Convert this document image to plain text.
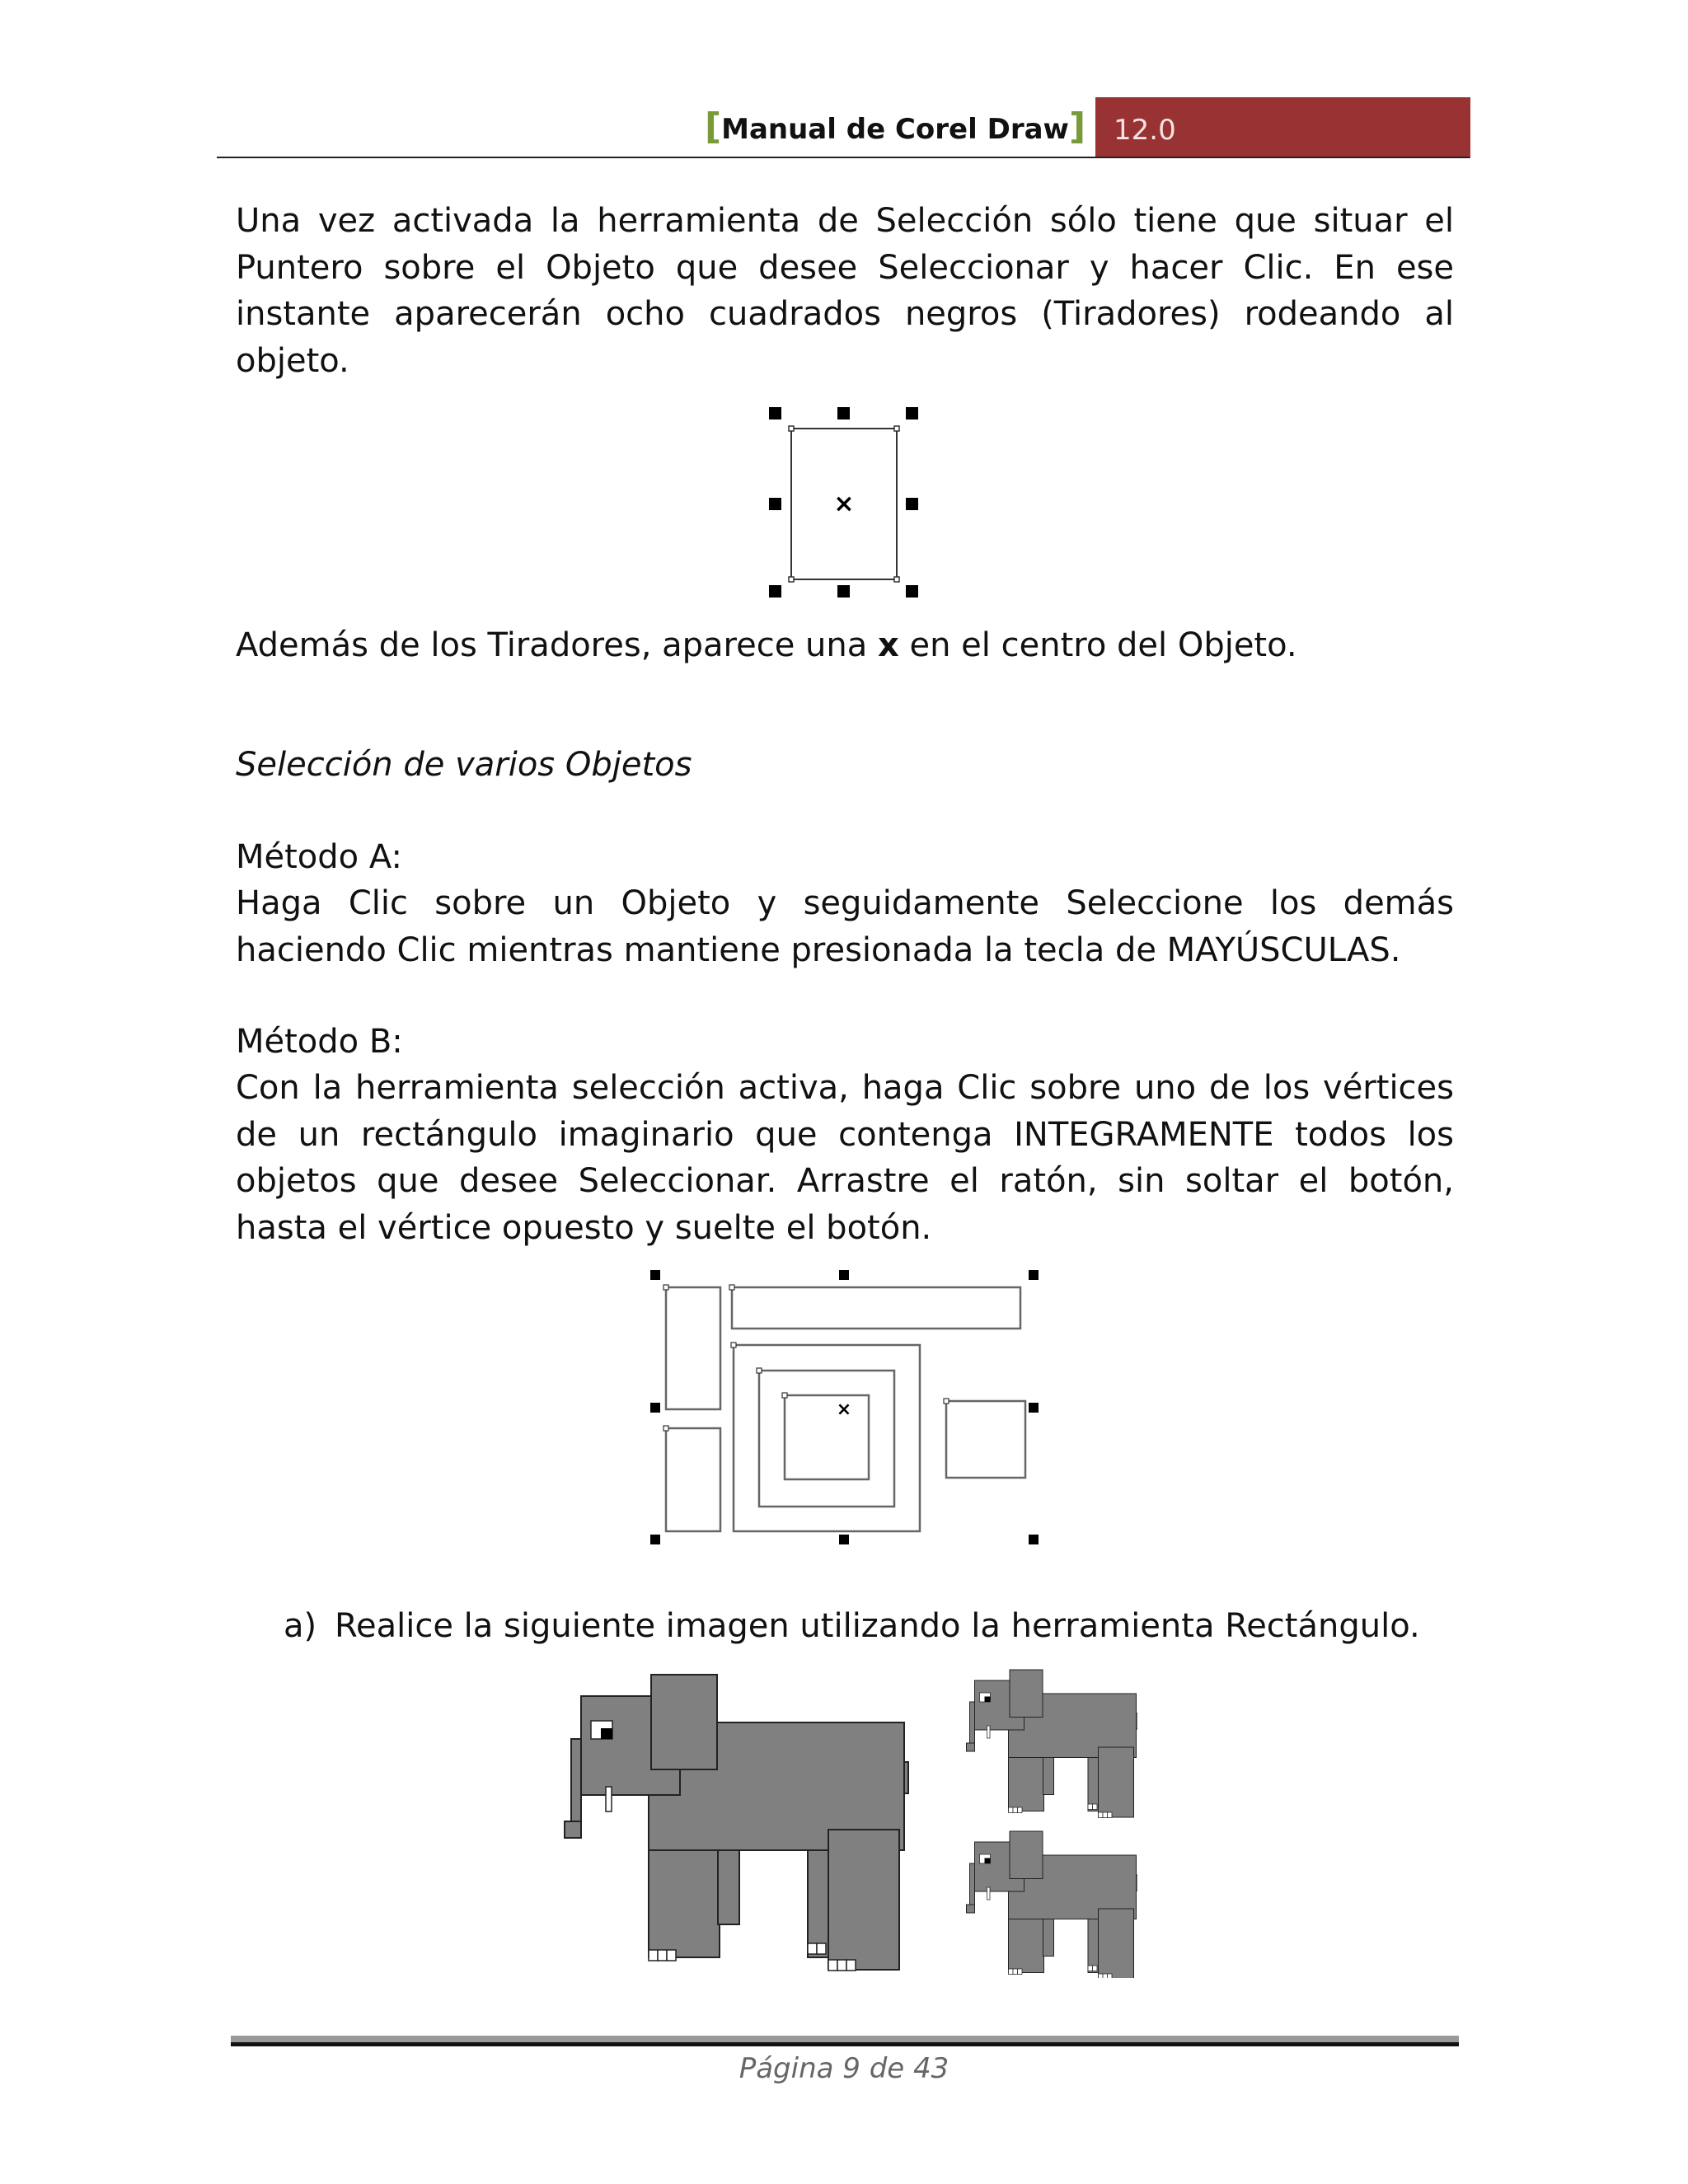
[Manual de Corel Draw] 12.0

Una vez activada la herramienta de Selección sólo tiene que situar el Puntero sobre el Objeto que desee Seleccionar y hacer Clic. En ese instante aparecerán ocho cuadrados negros (Tiradores) rodeando al objeto.

×

Además de los Tiradores, aparece una x en el centro del Objeto.

Selección de varios Objetos

Método A:

Haga Clic sobre un Objeto y seguidamente Seleccione los demás haciendo Clic mientras mantiene presionada la tecla de MAYÚSCULAS.

Método B:

Con la herramienta selección activa, haga Clic sobre uno de los vértices de un rectángulo imaginario que contenga INTEGRAMENTE todos los objetos que desee Seleccionar. Arrastre el ratón, sin soltar el botón, hasta el vértice opuesto y suelte el botón.

×
a) Realice la siguiente imagen utilizando la herramienta Rectángulo.
Página 9 de 43
